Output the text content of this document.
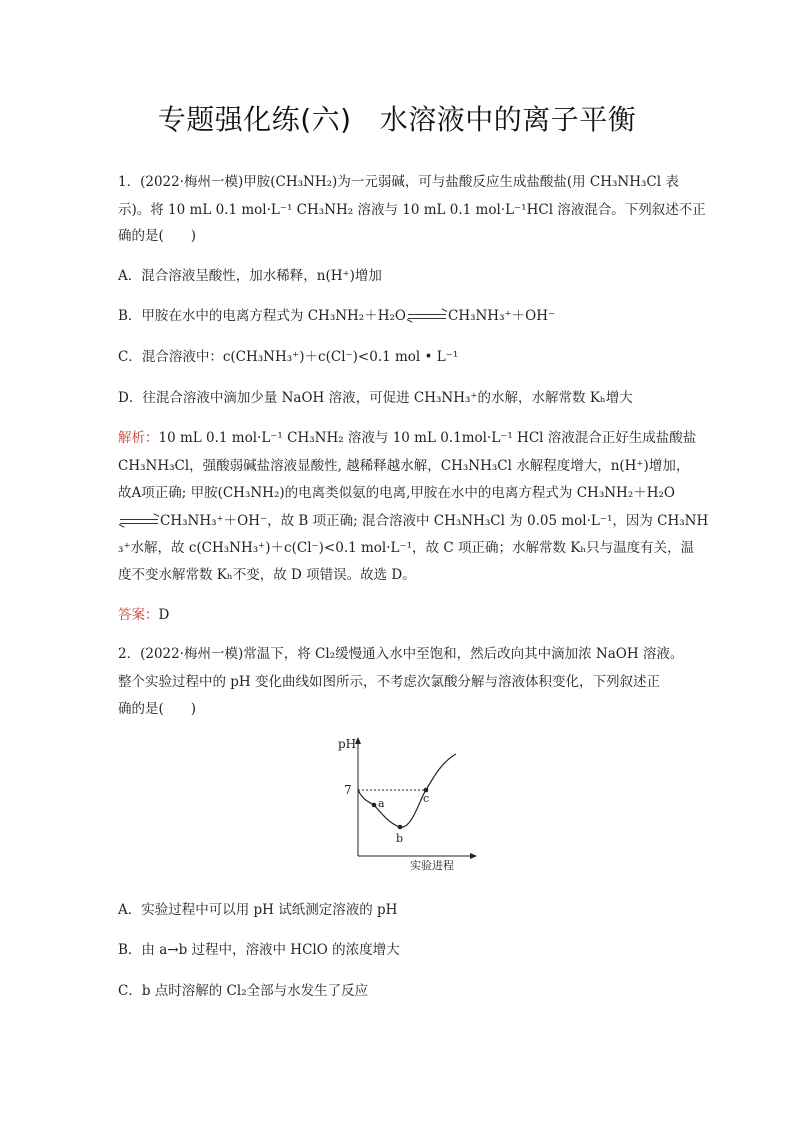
专题强化练(六)   水溶液中的离子平衡
1．(2022·梅州一模)甲胺(CH₃NH₂)为一元弱碱，可与盐酸反应生成盐酸盐(用 CH₃NH₃Cl 表
示)。将 10 mL 0.1 mol·L⁻¹ CH₃NH₂ 溶液与 10 mL 0.1 mol·L⁻¹HCl 溶液混合。下列叙述不正
确的是(　　)
A．混合溶液呈酸性，加水稀释，n(H⁺)增加
B．甲胺在水中的电离方程式为 CH₃NH₂＋H₂O	CH₃NH₃⁺＋OH⁻
C．混合溶液中：c(CH₃NH₃⁺)＋c(Cl⁻)<0.1 mol • L⁻¹
D．往混合溶液中滴加少量 NaOH 溶液，可促进 CH₃NH₃⁺的水解，水解常数 Kₕ增大
解析：10 mL 0.1 mol·L⁻¹ CH₃NH₂ 溶液与 10 mL 0.1mol·L⁻¹ HCl 溶液混合正好生成盐酸盐
CH₃NH₃Cl，强酸弱碱盐溶液显酸性, 越稀释越水解，CH₃NH₃Cl 水解程度增大，n(H⁺)增加，
故A项正确; 甲胺(CH₃NH₂)的电离类似氨的电离,甲胺在水中的电离方程式为 CH₃NH₂＋H₂O
CH₃NH₃⁺＋OH⁻，故 B 项正确; 混合溶液中 CH₃NH₃Cl 为 0.05 mol·L⁻¹，因为 CH₃NH
₃⁺水解，故 c(CH₃NH₃⁺)＋c(Cl⁻)<0.1 mol·L⁻¹，故 C 项正确；水解常数 Kₕ只与温度有关，温
度不变水解常数 Kₕ不变，故 D 项错误。故选 D。
答案：D
2．(2022·梅州一模)常温下，将 Cl₂缓慢通入水中至饱和，然后改向其中滴加浓 NaOH 溶液。
整个实验过程中的 pH 变化曲线如图所示，不考虑次氯酸分解与溶液体积变化，下列叙述正
确的是(　　)
pH
7
a
b
c
实验进程
A．实验过程中可以用 pH 试纸测定溶液的 pH
B．由 a→b 过程中，溶液中 HClO 的浓度增大
C．b 点时溶解的 Cl₂全部与水发生了反应
